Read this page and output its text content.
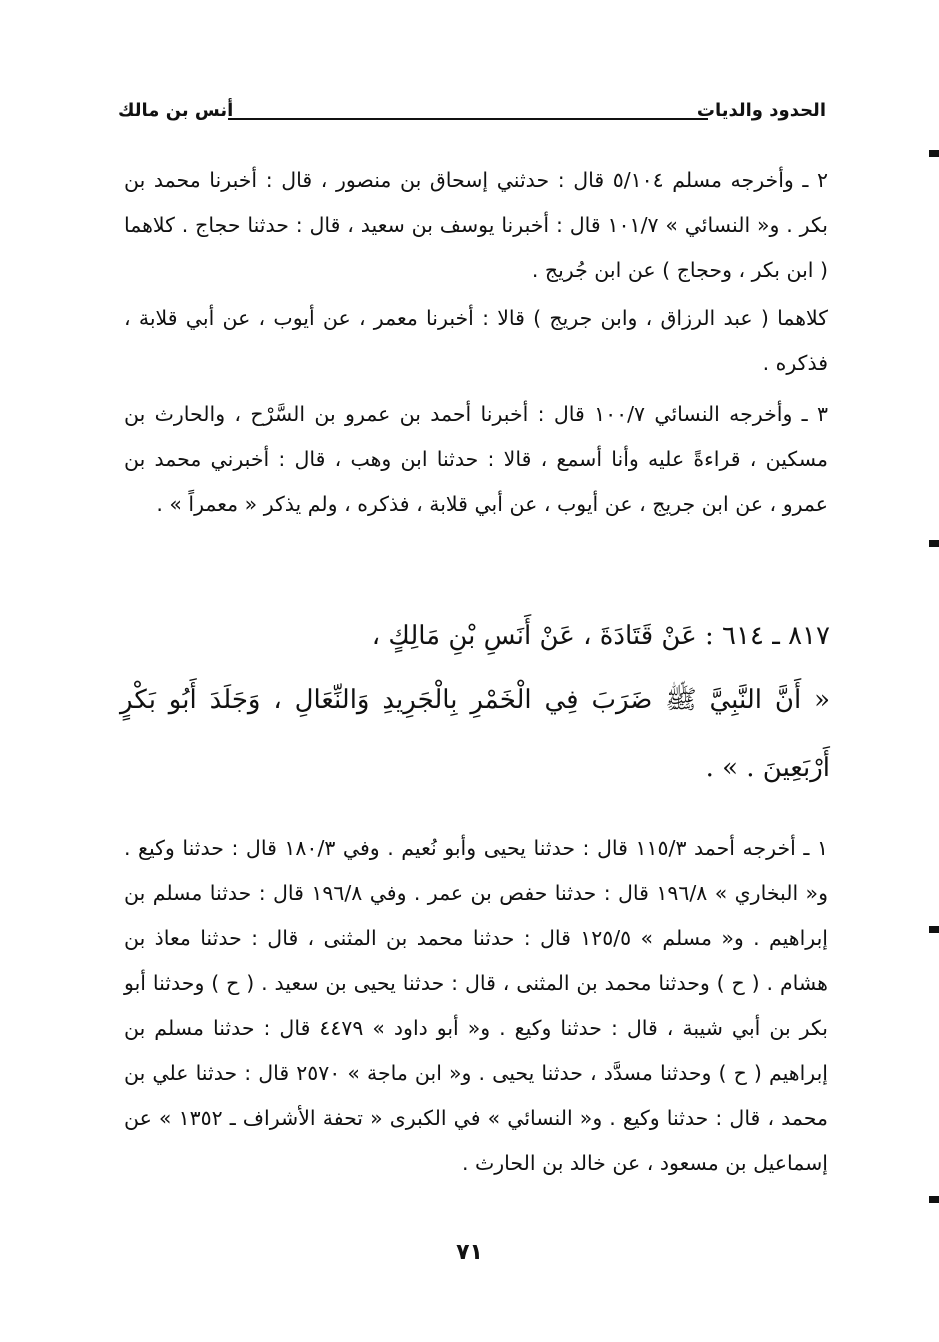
الحدود والديات
أنس بن مالك

٢ ـ وأخرجه مسلم ٥/١٠٤ قال : حدثني إسحاق بن منصور ، قال : أخبرنا محمد بن بكر . و« النسائي » ١٠١/٧ قال : أخبرنا يوسف بن سعيد ، قال : حدثنا حجاج . كلاهما ( ابن بكر ، وحجاج ) عن ابن جُريج .

كلاهما ( عبد الرزاق ، وابن جريج ) قالا : أخبرنا معمر ، عن أيوب ، عن أبي قلابة ، فذكره .

٣ ـ وأخرجه النسائي ١٠٠/٧ قال : أخبرنا أحمد بن عمرو بن السَّرْح ، والحارث بن مسكين ، قراءةً عليه وأنا أسمع ، قالا : حدثنا ابن وهب ، قال : أخبرني محمد بن عمرو ، عن ابن جريج ، عن أيوب ، عن أبي قلابة ، فذكره ، ولم يذكر « معمراً » .

٨١٧ ـ ٦١٤ : عَنْ قَتَادَةَ ، عَنْ أَنَسِ بْنِ مَالِكٍ ،
« أَنَّ النَّبِيَّ ﷺ ضَرَبَ فِي الْخَمْرِ بِالْجَرِيدِ وَالنِّعَالِ ، وَجَلَدَ أَبُو بَكْرٍ أَرْبَعِينَ . » .

١ ـ أخرجه أحمد ١١٥/٣ قال : حدثنا يحيى وأبو نُعيم . وفي ١٨٠/٣ قال : حدثنا وكيع . و« البخاري » ١٩٦/٨ قال : حدثنا حفص بن عمر . وفي ١٩٦/٨ قال : حدثنا مسلم بن إبراهيم . و« مسلم » ١٢٥/٥ قال : حدثنا محمد بن المثنى ، قال : حدثنا معاذ بن هشام . ( ح ) وحدثنا محمد بن المثنى ، قال : حدثنا يحيى بن سعيد . ( ح ) وحدثنا أبو بكر بن أبي شيبة ، قال : حدثنا وكيع . و« أبو داود » ٤٤٧٩ قال : حدثنا مسلم بن إبراهيم ( ح ) وحدثنا مسدَّد ، حدثنا يحيى . و« ابن ماجة » ٢٥٧٠ قال : حدثنا علي بن محمد ، قال : حدثنا وكيع . و« النسائي » في الكبرى « تحفة الأشراف ـ ١٣٥٢ » عن إسماعيل بن مسعود ، عن خالد بن الحارث .

٧١
